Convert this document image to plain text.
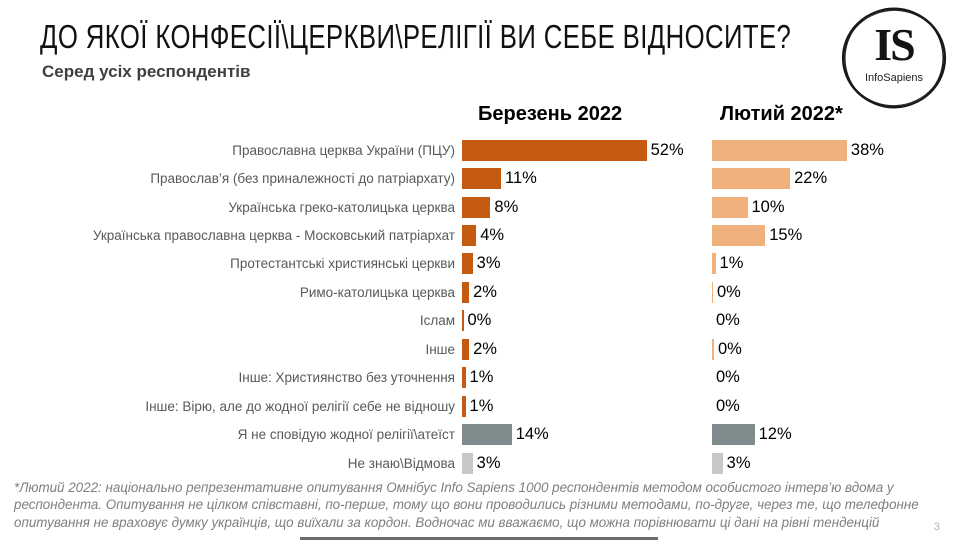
ДО ЯКОЇ КОНФЕСІЇ\ЦЕРКВИ\РЕЛІГІЇ ВИ СЕБЕ ВІДНОСИТЕ?
Серед усіх респондентів
IS
InfoSapiens
Березень 2022	Лютий 2022*
Православна церква України (ПЦУ)	52%	38%
Православ’я (без приналежності до патріархату)	11%	22%
Українська греко-католицька церква	8%	10%
Українська православна церква - Московський патріархат	4%	15%
Протестантські християнські церкви	3%	1%
Римо-католицька церква	2%	0%
Іслам 0%	0%
Інше	2%	0%
Інше: Християнство без уточнення 1%	0%
Інше: Вірю, але до жодної релігії себе не відношу 1%	0%
Я не сповідую жодної релігії\атеїст	14%	12%
Не знаю\Відмова	3%	3%
*Лютий 2022: національно репрезентативне опитування Омнібус Info Sapiens 1000 респондентів методом особистого інтерв’ю вдома у респондента. Опитування не цілком співставні, по-перше, тому що вони проводились різними методами, по-друге, через те, що телефонне опитування не враховує думку українців, що виїхали за кордон. Водночас ми вважаємо, що можна порівнювати ці дані на рівні тенденцій	3
